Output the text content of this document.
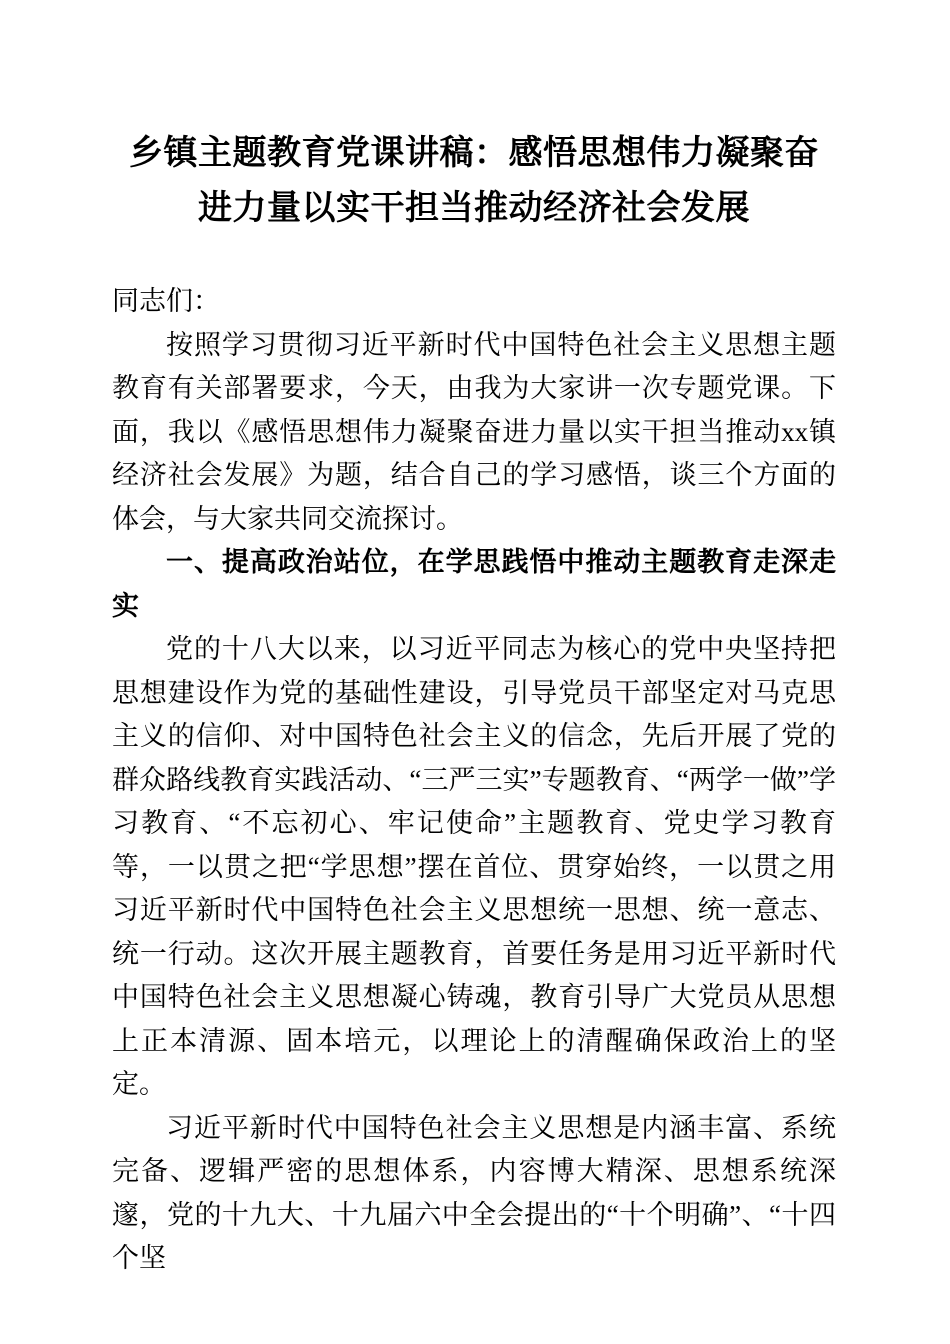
乡镇主题教育党课讲稿：感悟思想伟力凝聚奋进力量以实干担当推动经济社会发展

同志们：

按照学习贯彻习近平新时代中国特色社会主义思想主题教育有关部署要求，今天，由我为大家讲一次专题党课。下面，我以《感悟思想伟力凝聚奋进力量以实干担当推动xx镇经济社会发展》为题，结合自己的学习感悟，谈三个方面的体会，与大家共同交流探讨。

一、提高政治站位，在学思践悟中推动主题教育走深走实

党的十八大以来，以习近平同志为核心的党中央坚持把思想建设作为党的基础性建设，引导党员干部坚定对马克思主义的信仰、对中国特色社会主义的信念，先后开展了党的群众路线教育实践活动、“三严三实”专题教育、“两学一做”学习教育、“不忘初心、牢记使命”主题教育、党史学习教育等，一以贯之把“学思想”摆在首位、贯穿始终，一以贯之用习近平新时代中国特色社会主义思想统一思想、统一意志、统一行动。这次开展主题教育，首要任务是用习近平新时代中国特色社会主义思想凝心铸魂，教育引导广大党员从思想上正本清源、固本培元，以理论上的清醒确保政治上的坚定。

习近平新时代中国特色社会主义思想是内涵丰富、系统完备、逻辑严密的思想体系，内容博大精深、思想系统深邃，党的十九大、十九届六中全会提出的“十个明确”、“十四个坚
